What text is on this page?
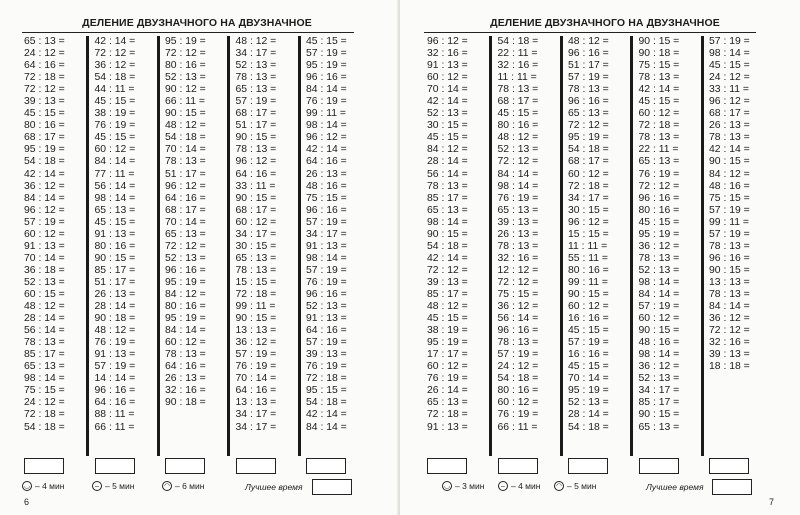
ДЕЛЕНИЕ ДВУЗНАЧНОГО НА ДВУЗНАЧНОЕ
65 : 13 =
24 : 12 =
64 : 16 =
72 : 18 =
72 : 12 =
39 : 13 =
45 : 15 =
80 : 16 =
68 : 17 =
95 : 19 =
54 : 18 =
42 : 14 =
36 : 12 =
84 : 14 =
96 : 12 =
57 : 19 =
60 : 12 =
91 : 13 =
70 : 14 =
36 : 18 =
52 : 13 =
60 : 15 =
48 : 12 =
28 : 14 =
56 : 14 =
78 : 13 =
85 : 17 =
65 : 13 =
98 : 14 =
75 : 15 =
24 : 12 =
72 : 18 =
54 : 18 =
42 : 14 =
72 : 12 =
36 : 12 =
54 : 18 =
44 : 11 =
45 : 15 =
38 : 19 =
76 : 19 =
45 : 15 =
60 : 12 =
84 : 14 =
77 : 11 =
56 : 14 =
98 : 14 =
65 : 13 =
45 : 15 =
91 : 13 =
80 : 16 =
90 : 15 =
85 : 17 =
51 : 17 =
26 : 13 =
28 : 14 =
90 : 18 =
48 : 12 =
76 : 19 =
91 : 13 =
57 : 19 =
14 : 14 =
96 : 16 =
64 : 16 =
88 : 11 =
66 : 11 =
95 : 19 =
72 : 12 =
80 : 16 =
52 : 13 =
90 : 12 =
66 : 11 =
90 : 15 =
48 : 12 =
54 : 18 =
70 : 14 =
78 : 13 =
51 : 17 =
96 : 12 =
64 : 16 =
68 : 17 =
70 : 14 =
65 : 13 =
72 : 12 =
52 : 13 =
96 : 16 =
95 : 19 =
84 : 12 =
80 : 16 =
95 : 19 =
84 : 14 =
60 : 12 =
78 : 13 =
64 : 16 =
26 : 13 =
32 : 16 =
90 : 18 =
48 : 12 =
34 : 17 =
52 : 13 =
78 : 13 =
65 : 13 =
57 : 19 =
68 : 17 =
51 : 17 =
90 : 15 =
78 : 13 =
96 : 12 =
64 : 16 =
33 : 11 =
90 : 15 =
68 : 17 =
60 : 12 =
34 : 17 =
30 : 15 =
65 : 13 =
78 : 13 =
15 : 15 =
72 : 18 =
99 : 11 =
90 : 15 =
13 : 13 =
36 : 12 =
57 : 19 =
76 : 19 =
70 : 14 =
64 : 16 =
13 : 13 =
34 : 17 =
34 : 17 =
45 : 15 =
57 : 19 =
95 : 19 =
96 : 16 =
84 : 14 =
76 : 19 =
99 : 11 =
98 : 14 =
96 : 12 =
42 : 14 =
64 : 16 =
26 : 13 =
48 : 16 =
75 : 15 =
96 : 16 =
57 : 19 =
34 : 17 =
91 : 13 =
98 : 14 =
57 : 19 =
76 : 19 =
96 : 16 =
52 : 13 =
91 : 13 =
64 : 16 =
57 : 19 =
39 : 13 =
76 : 19 =
72 : 18 =
95 : 15 =
54 : 18 =
42 : 14 =
84 : 14 =
◡ – 4 мин	– – 5 мин	◠ – 6 мин	Лучшее время
6
ДЕЛЕНИЕ ДВУЗНАЧНОГО НА ДВУЗНАЧНОЕ
96 : 12 =
32 : 16 =
91 : 13 =
60 : 12 =
70 : 14 =
42 : 14 =
52 : 13 =
30 : 15 =
45 : 15 =
84 : 12 =
28 : 14 =
56 : 14 =
78 : 13 =
85 : 17 =
65 : 13 =
98 : 14 =
90 : 15 =
54 : 18 =
42 : 14 =
72 : 12 =
39 : 13 =
85 : 17 =
48 : 12 =
45 : 15 =
38 : 19 =
95 : 19 =
17 : 17 =
60 : 12 =
76 : 19 =
26 : 14 =
65 : 13 =
72 : 18 =
91 : 13 =
54 : 18 =
22 : 11 =
32 : 16 =
11 : 11 =
78 : 13 =
68 : 17 =
45 : 15 =
80 : 16 =
48 : 12 =
52 : 13 =
72 : 12 =
84 : 14 =
98 : 14 =
76 : 19 =
65 : 13 =
39 : 13 =
26 : 13 =
78 : 13 =
32 : 16 =
12 : 12 =
72 : 12 =
75 : 15 =
36 : 12 =
56 : 14 =
96 : 16 =
78 : 13 =
57 : 19 =
24 : 12 =
54 : 18 =
80 : 16 =
60 : 12 =
76 : 19 =
66 : 11 =
48 : 12 =
96 : 16 =
51 : 17 =
57 : 19 =
78 : 13 =
96 : 16 =
65 : 13 =
72 : 12 =
95 : 19 =
54 : 18 =
68 : 17 =
60 : 12 =
72 : 18 =
34 : 17 =
30 : 15 =
96 : 12 =
15 : 15 =
11 : 11 =
55 : 11 =
80 : 16 =
99 : 11 =
90 : 15 =
60 : 12 =
16 : 16 =
45 : 15 =
57 : 19 =
16 : 16 =
45 : 15 =
70 : 14 =
95 : 19 =
52 : 13 =
28 : 14 =
54 : 18 =
90 : 15 =
90 : 18 =
75 : 15 =
78 : 13 =
42 : 14 =
45 : 15 =
60 : 12 =
72 : 18 =
78 : 13 =
22 : 11 =
65 : 13 =
76 : 19 =
72 : 12 =
96 : 16 =
80 : 16 =
45 : 15 =
95 : 19 =
36 : 12 =
78 : 13 =
52 : 13 =
98 : 14 =
84 : 14 =
57 : 19 =
60 : 12 =
90 : 15 =
48 : 16 =
98 : 14 =
36 : 12 =
52 : 13 =
34 : 17 =
85 : 17 =
90 : 15 =
65 : 13 =
57 : 19 =
98 : 14 =
45 : 15 =
24 : 12 =
33 : 11 =
96 : 12 =
68 : 17 =
26 : 13 =
78 : 13 =
42 : 14 =
90 : 15 =
84 : 12 =
48 : 16 =
75 : 15 =
57 : 19 =
99 : 11 =
57 : 19 =
78 : 13 =
96 : 16 =
90 : 15 =
13 : 13 =
78 : 13 =
84 : 14 =
36 : 12 =
72 : 12 =
32 : 16 =
39 : 13 =
18 : 18 =
◡ – 3 мин	– – 4 мин ◠ – 5 мин	Лучшее время
7
